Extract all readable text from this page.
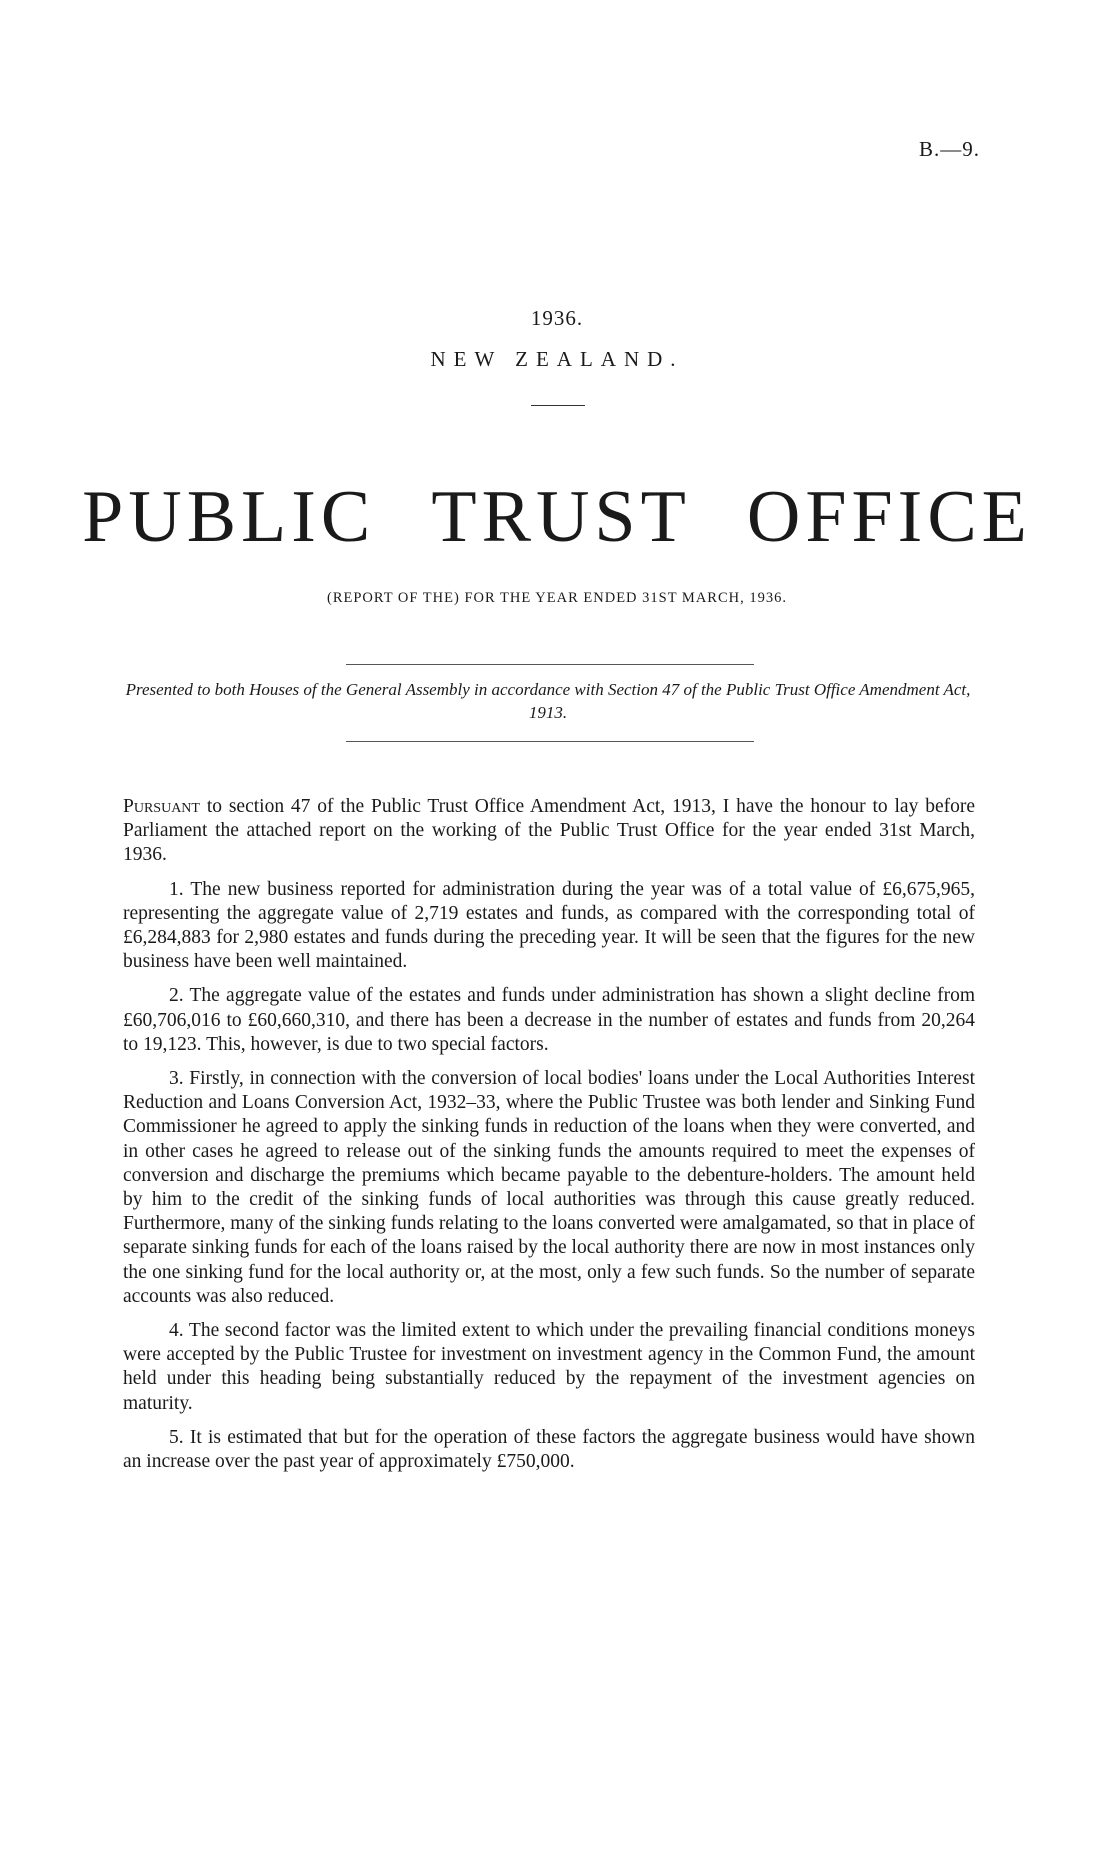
B.—9.
1936.
NEW ZEALAND.
PUBLIC TRUST OFFICE
(REPORT OF THE) FOR THE YEAR ENDED 31ST MARCH, 1936.
Presented to both Houses of the General Assembly in accordance with Section 47 of the Public Trust Office Amendment Act, 1913.

Pursuant to section 47 of the Public Trust Office Amendment Act, 1913, I have the honour to lay before Parliament the attached report on the working of the Public Trust Office for the year ended 31st March, 1936.

1. The new business reported for administration during the year was of a total value of £6,675,965, representing the aggregate value of 2,719 estates and funds, as compared with the corresponding total of £6,284,883 for 2,980 estates and funds during the preceding year. It will be seen that the figures for the new business have been well maintained.

2. The aggregate value of the estates and funds under administration has shown a slight decline from £60,706,016 to £60,660,310, and there has been a decrease in the number of estates and funds from 20,264 to 19,123. This, however, is due to two special factors.

3. Firstly, in connection with the conversion of local bodies' loans under the Local Authorities Interest Reduction and Loans Conversion Act, 1932–33, where the Public Trustee was both lender and Sinking Fund Commissioner he agreed to apply the sinking funds in reduction of the loans when they were converted, and in other cases he agreed to release out of the sinking funds the amounts required to meet the expenses of conversion and discharge the premiums which became payable to the debenture-holders. The amount held by him to the credit of the sinking funds of local authorities was through this cause greatly reduced. Furthermore, many of the sinking funds relating to the loans converted were amalgamated, so that in place of separate sinking funds for each of the loans raised by the local authority there are now in most instances only the one sinking fund for the local authority or, at the most, only a few such funds. So the number of separate accounts was also reduced.

4. The second factor was the limited extent to which under the prevailing financial conditions moneys were accepted by the Public Trustee for investment on investment agency in the Common Fund, the amount held under this heading being substantially reduced by the repayment of the investment agencies on maturity.

5. It is estimated that but for the operation of these factors the aggregate business would have shown an increase over the past year of approximately £750,000.
